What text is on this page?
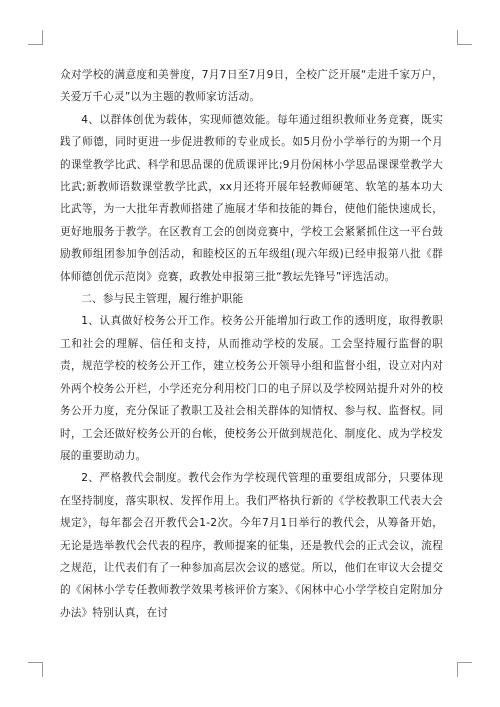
众对学校的满意度和美誉度，7月7日至7月9日，全校广泛开展“走进千家万户，关爱万千心灵”以为主题的教师家访活动。

4、以群体创优为载体，实现师德效能。每年通过组织教师业务竞赛，既实践了师德，同时更进一步促进教师的专业成长。如5月份小学举行的为期一个月的课堂教学比武、科学和思品课的优质课评比;9月份闲林小学思品课课堂教学大比武;新教师语数课堂教学比武，xx月还将开展年轻教师硬笔、软笔的基本功大比武等，为一大批年青教师搭建了施展才华和技能的舞台，使他们能快速成长，更好地服务于教学。在区教育工会的创岗竞赛中，学校工会紧紧抓住这一平台鼓励教师组团参加争创活动，和睦校区的五年级组(现六年级)已经申报第八批《群体师德创优示范岗》竞赛，政教处申报第三批“教坛先锋号”评选活动。

二、参与民主管理，履行维护职能

1、认真做好校务公开工作。校务公开能增加行政工作的透明度，取得教职工和社会的理解、信任和支持，从而推动学校的发展。工会坚持履行监督的职责，规范学校的校务公开工作，建立校务公开领导小组和监督小组，设立对内对外两个校务公开栏，小学还充分利用校门口的电子屏以及学校网站提升对外的校务公开力度，充分保证了教职工及社会相关群体的知情权、参与权、监督权。同时，工会还做好校务公开的台帐，使校务公开做到规范化、制度化、成为学校发展的重要助动力。

2、严格教代会制度。教代会作为学校现代管理的重要组成部分，只要体现在坚持制度，落实职权、发挥作用上。我们严格执行新的《学校教职工代表大会规定》，每年都会召开教代会1-2次。今年7月1日举行的教代会，从筹备开始，无论是选举教代会代表的程序，教师提案的征集，还是教代会的正式会议，流程之规范，让代表们有了一种参加高层次会议的感觉。所以，他们在审议大会提交的《闲林小学专任教师教学效果考核评价方案》、《闲林中心小学学校自定附加分办法》特别认真，在讨
